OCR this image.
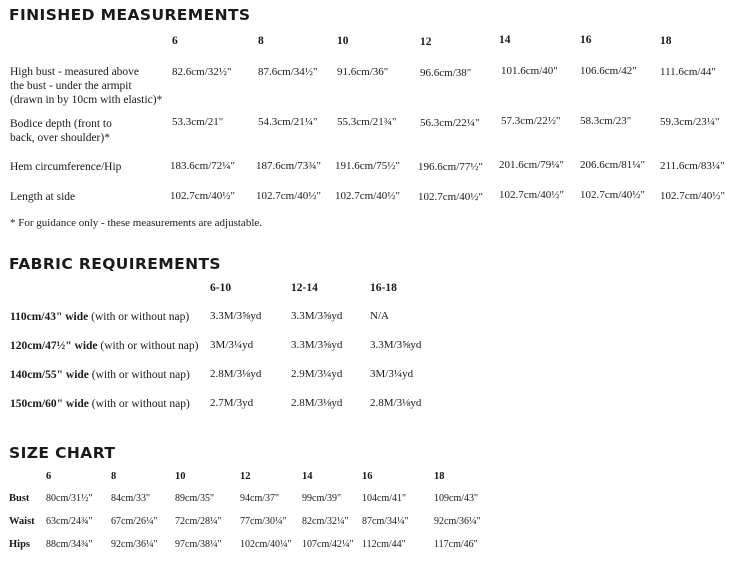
FINISHED MEASUREMENTS
6	8	10	12	14	16	18
High bust - measured above
the bust - under the armpit
(drawn in by 10cm with elastic)*
82.6cm/32½" 87.6cm/34½" 91.6cm/36"	96.6cm/38"	101.6cm/40" 106.6cm/42" 111.6cm/44"
Bodice depth (front to
back, over shoulder)*
53.3cm/21"	54.3cm/21¼" 55.3cm/21¾" 56.3cm/22¼" 57.3cm/22½" 58.3cm/23"	59.3cm/23¼"
Hem circumference/Hip	183.6cm/72¼" 187.6cm/73¾" 191.6cm/75½" 196.6cm/77½" 201.6cm/79¼" 206.6cm/81¼" 211.6cm/83¼"
Length at side	102.7cm/40½" 102.7cm/40½" 102.7cm/40½" 102.7cm/40½" 102.7cm/40½" 102.7cm/40½" 102.7cm/40½"
* For guidance only - these measurements are adjustable.
FABRIC REQUIREMENTS
6-10	12-14	16-18
110cm/43" wide (with or without nap) 3.3M/3⅝yd	3.3M/3⅝yd	N/A
120cm/47½" wide (with or without nap) 3M/3¼yd	3.3M/3⅝yd	3.3M/3⅝yd
140cm/55" wide (with or without nap) 2.8M/3⅛yd	2.9M/3¼yd	3M/3¼yd
150cm/60" wide (with or without nap) 2.7M/3yd	2.8M/3⅛yd	2.8M/3⅛yd
SIZE CHART
6	8	10	12	14	16	18
Bust 80cm/31½" 84cm/33" 89cm/35"	94cm/37" 99cm/39" 104cm/41"	109cm/43"
Waist 63cm/24¾" 67cm/26¼" 72cm/28¼" 77cm/30¼" 82cm/32¼" 87cm/34¼"	92cm/36¼"
Hips 88cm/34¾" 92cm/36¼" 97cm/38¼" 102cm/40¼" 107cm/42¼" 112cm/44"	117cm/46"
